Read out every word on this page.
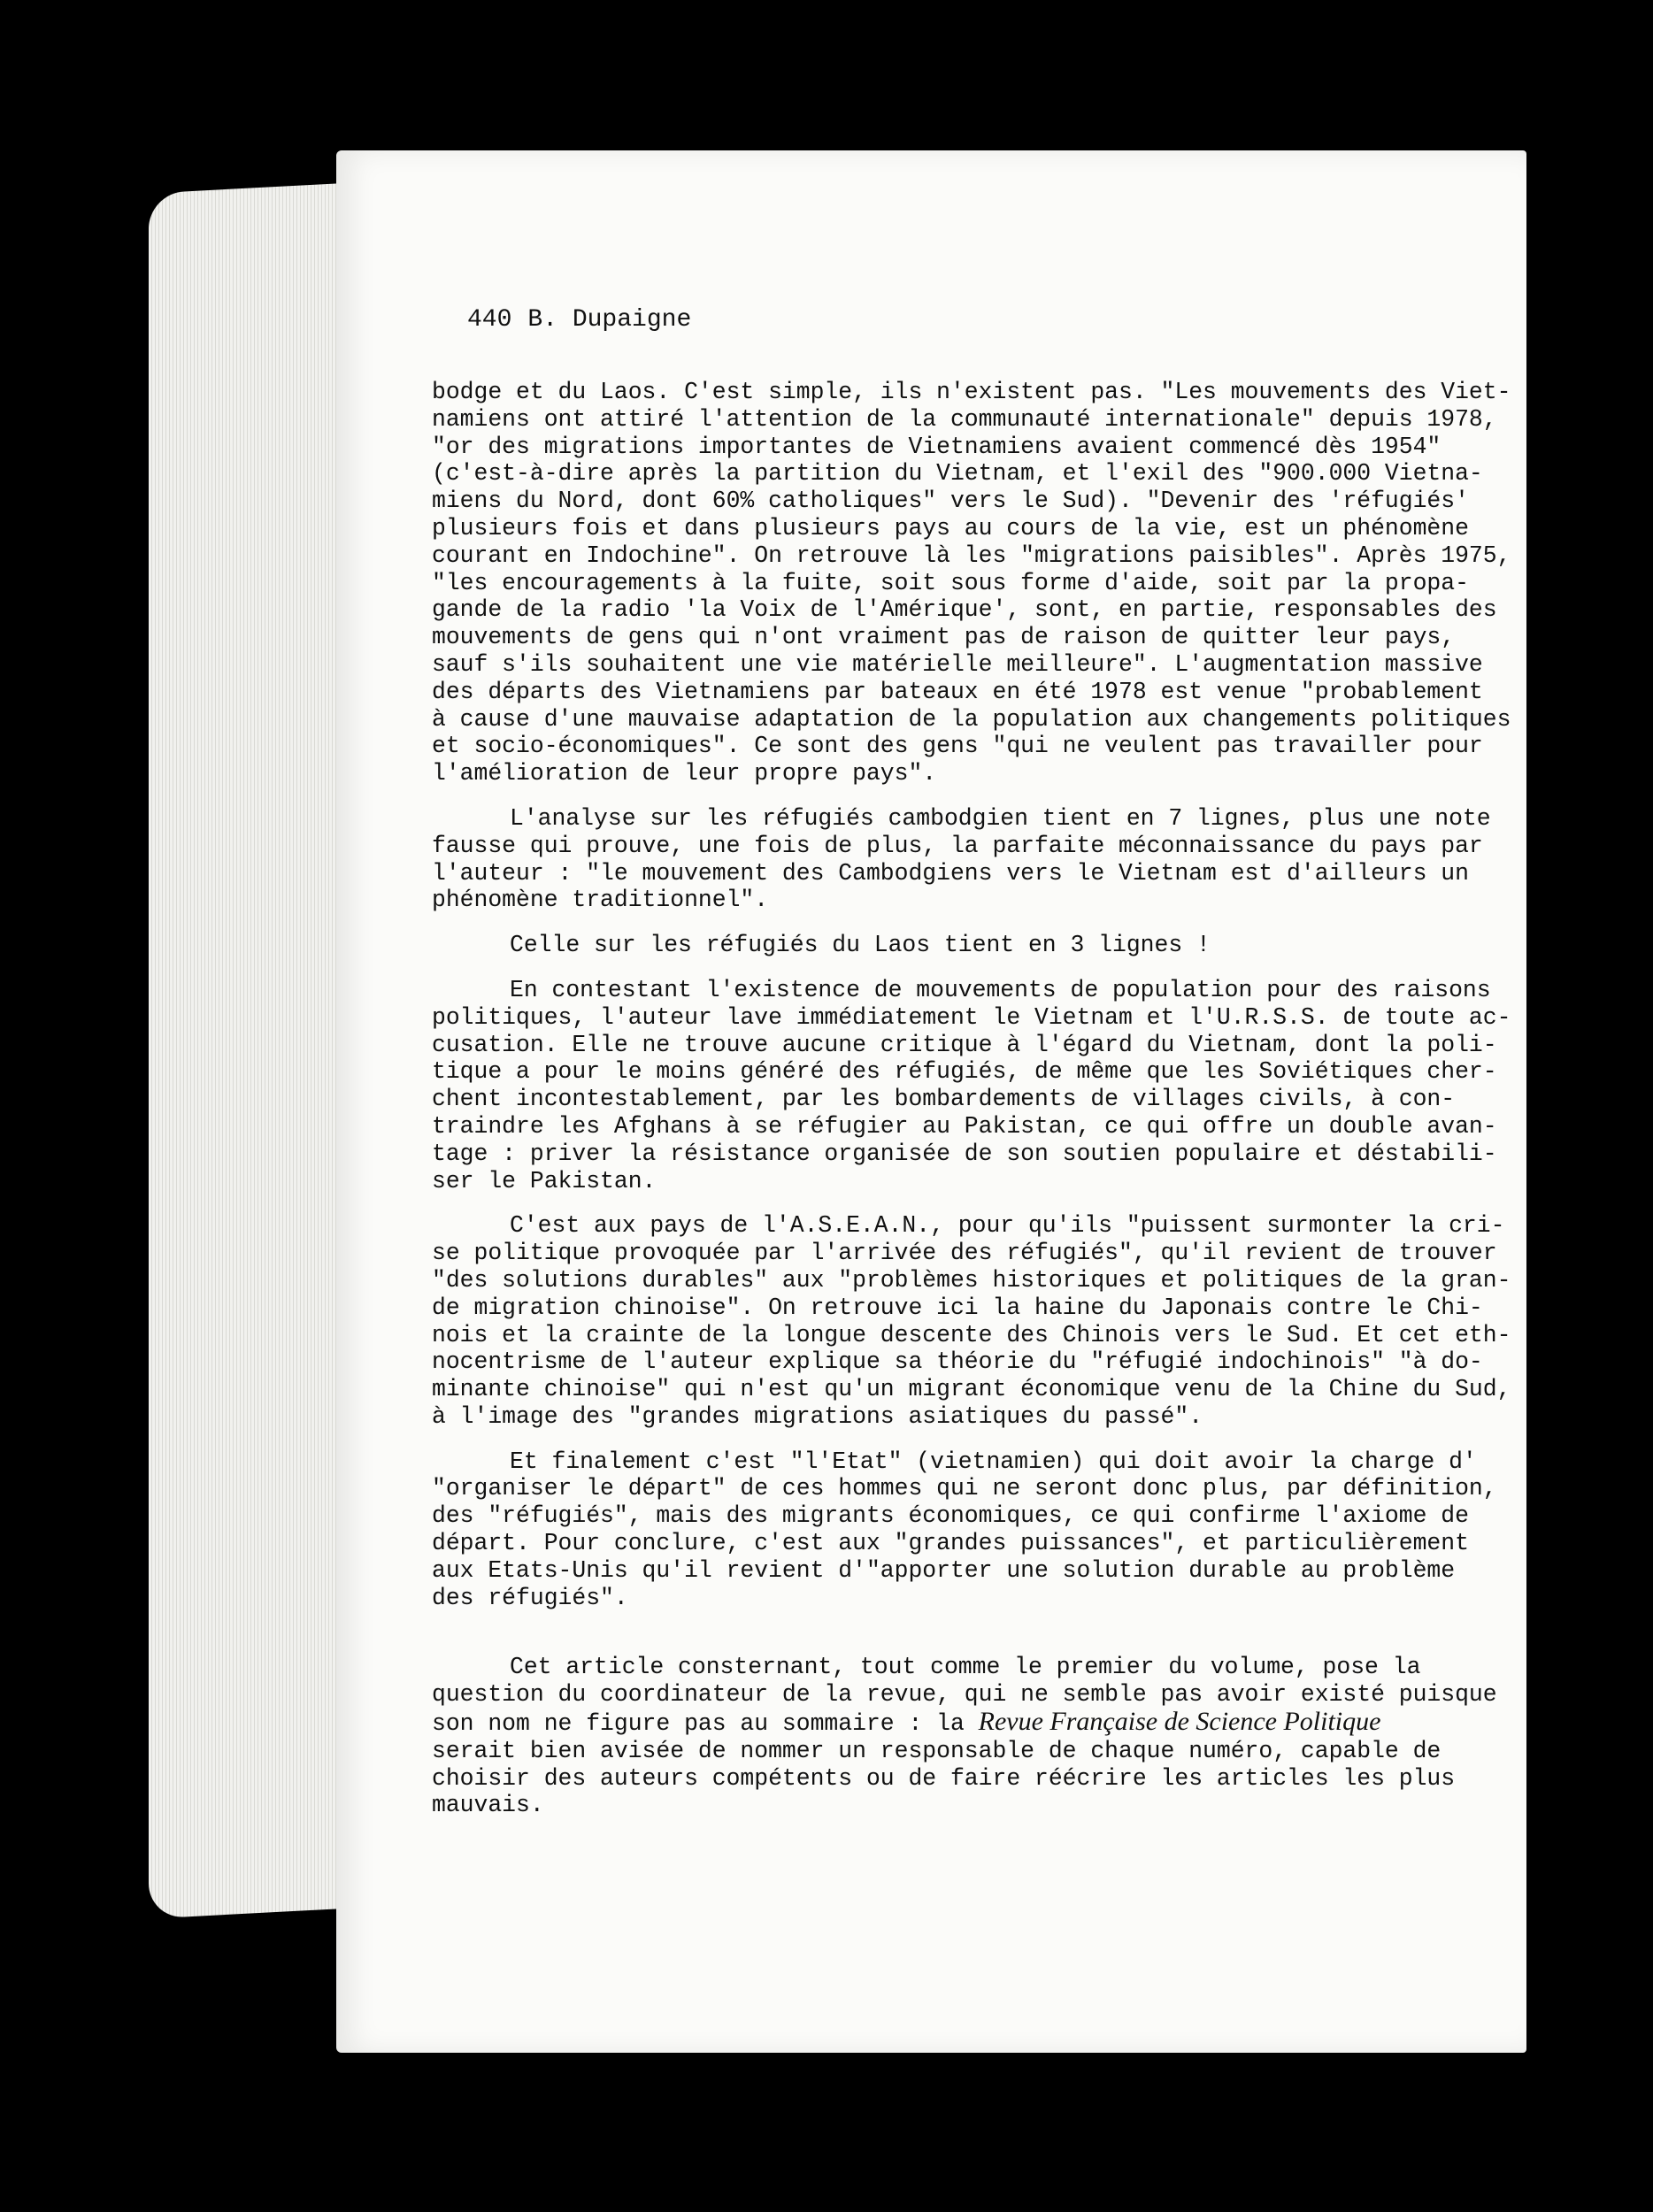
440 B. Dupaigne

bodge et du Laos. C'est simple, ils n'existent pas. "Les mouvements des Viet-
namiens ont attiré l'attention de la communauté internationale" depuis 1978,
"or des migrations importantes de Vietnamiens avaient commencé dès 1954"
(c'est-à-dire après la partition du Vietnam, et l'exil des "900.000 Vietna-
miens du Nord, dont 60% catholiques" vers le Sud). "Devenir des 'réfugiés'
plusieurs fois et dans plusieurs pays au cours de la vie, est un phénomène
courant en Indochine". On retrouve là les "migrations paisibles". Après 1975,
"les encouragements à la fuite, soit sous forme d'aide, soit par la propa-
gande de la radio 'la Voix de l'Amérique', sont, en partie, responsables des
mouvements de gens qui n'ont vraiment pas de raison de quitter leur pays,
sauf s'ils souhaitent une vie matérielle meilleure". L'augmentation massive
des départs des Vietnamiens par bateaux en été 1978 est venue "probablement
à cause d'une mauvaise adaptation de la population aux changements politiques
et socio-économiques". Ce sont des gens "qui ne veulent pas travailler pour
l'amélioration de leur propre pays".

L'analyse sur les réfugiés cambodgien tient en 7 lignes, plus une note
fausse qui prouve, une fois de plus, la parfaite méconnaissance du pays par
l'auteur : "le mouvement des Cambodgiens vers le Vietnam est d'ailleurs un
phénomène traditionnel".

Celle sur les réfugiés du Laos tient en 3 lignes !

En contestant l'existence de mouvements de population pour des raisons
politiques, l'auteur lave immédiatement le Vietnam et l'U.R.S.S. de toute ac-
cusation. Elle ne trouve aucune critique à l'égard du Vietnam, dont la poli-
tique a pour le moins généré des réfugiés, de même que les Soviétiques cher-
chent incontestablement, par les bombardements de villages civils, à con-
traindre les Afghans à se réfugier au Pakistan, ce qui offre un double avan-
tage : priver la résistance organisée de son soutien populaire et déstabili-
ser le Pakistan.

C'est aux pays de l'A.S.E.A.N., pour qu'ils "puissent surmonter la cri-
se politique provoquée par l'arrivée des réfugiés", qu'il revient de trouver
"des solutions durables" aux "problèmes historiques et politiques de la gran-
de migration chinoise". On retrouve ici la haine du Japonais contre le Chi-
nois et la crainte de la longue descente des Chinois vers le Sud. Et cet eth-
nocentrisme de l'auteur explique sa théorie du "réfugié indochinois" "à do-
minante chinoise" qui n'est qu'un migrant économique venu de la Chine du Sud,
à l'image des "grandes migrations asiatiques du passé".

Et finalement c'est "l'Etat" (vietnamien) qui doit avoir la charge d'
"organiser le départ" de ces hommes qui ne seront donc plus, par définition,
des "réfugiés", mais des migrants économiques, ce qui confirme l'axiome de
départ. Pour conclure, c'est aux "grandes puissances", et particulièrement
aux Etats-Unis qu'il revient d'"apporter une solution durable au problème
des réfugiés".

Cet article consternant, tout comme le premier du volume, pose la
question du coordinateur de la revue, qui ne semble pas avoir existé puisque
son nom ne figure pas au sommaire : la Revue Française de Science Politique
serait bien avisée de nommer un responsable de chaque numéro, capable de
choisir des auteurs compétents ou de faire réécrire les articles les plus
mauvais.
